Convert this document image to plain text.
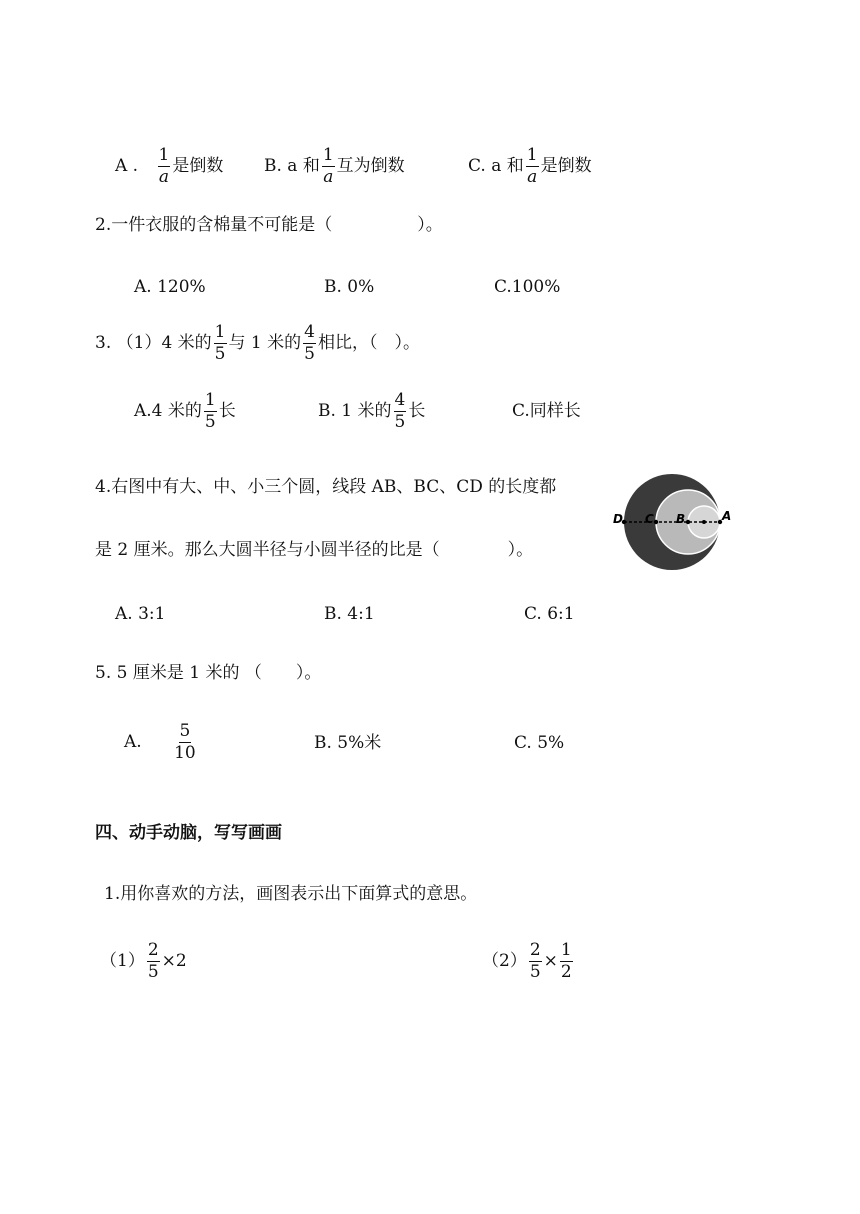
A . $\frac{1}{a}$ 是倒数 B. a 和 $\frac{1}{a}$ 互为倒数	C. a 和 $\frac{1}{a}$ 是倒数
2.一件衣服的含棉量不可能是（　　　　　）。
A. 120%	B. 0%	C.100%
3. （1）4 米的 $\frac{1}{5}$ 与 1 米的 $\frac{4}{5}$ 相比，（　）。
A.4 米的 $\frac{1}{5}$ 长	B. 1 米的 $\frac{4}{5}$ 长	C.同样长
4.右图中有大、中、小三个圆，线段 AB、BC、CD 的长度都
是 2 厘米。那么大圆半径与小圆半径的比是（　　　　）。
D C B	A
A. 3:1	B. 4:1	C. 6:1
5. 5 厘米是 1 米的 （　　）。
A. $\frac{5}{10}$	B. 5%米	C. 5%
四、动手动脑，写写画画
1.用你喜欢的方法，画图表示出下面算式的意思。
$(1) \frac{2}{5} \times 2$	$(2) \frac{2}{5} \times \frac{1}{2}$
